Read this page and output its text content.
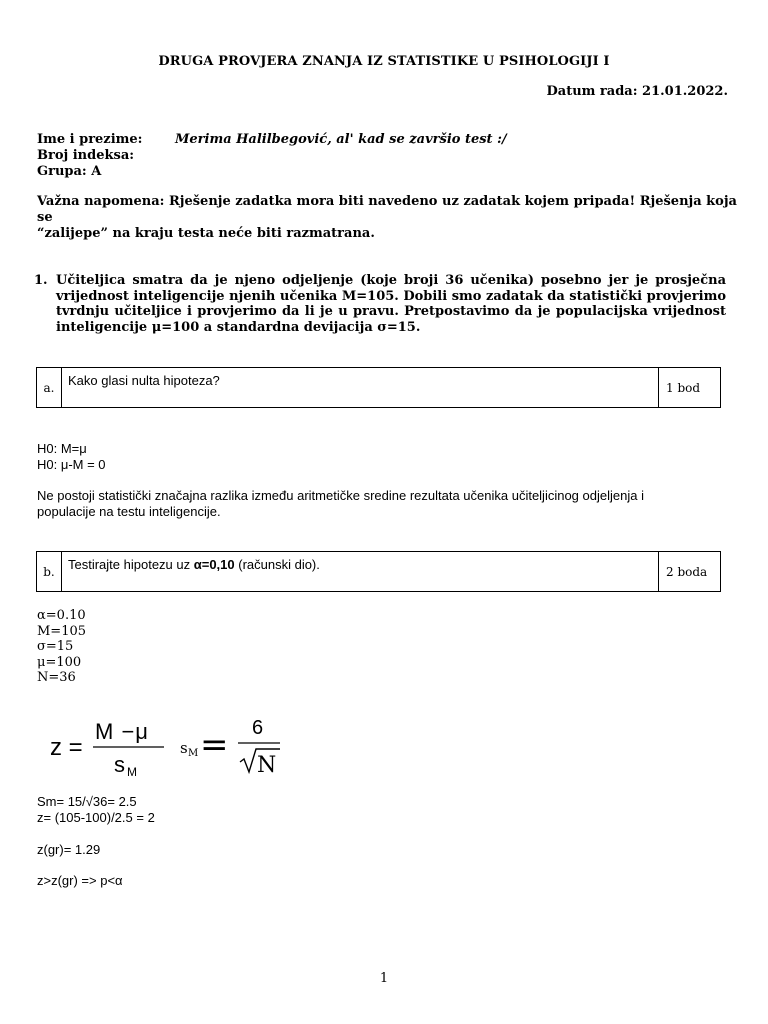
DRUGA PROVJERA ZNANJA IZ STATISTIKE U PSIHOLOGIJI I
Datum rada: 21.01.2022.
Ime i prezime:	Merima Halilbegović, al' kad se završio test :/
Broj indeksa:
Grupa: A
Važna napomena: Rješenje zadatka mora biti navedeno uz zadatak kojem pripada! Rješenja koja se
“zalijepe” na kraju testa neće biti razmatrana.
1. Učiteljica smatra da je njeno odjeljenje (koje broji 36 učenika) posebno jer je prosječna vrijednost inteligencije njenih učenika M=105. Dobili smo zadatak da statistički provjerimo tvrdnju učiteljice i provjerimo da li je u pravu. Pretpostavimo da je populacijska vrijednost inteligencije μ=100 a standardna devijacija σ=15.
a.	Kako glasi nulta hipoteza?	1 bod
H0: M=μ
H0: μ-M = 0
Ne postoji statistički značajna razlika između aritmetičke sredine rezultata učenika učiteljicinog odjeljenja i
populacije na testu inteligencije.
b.	Testirajte hipotezu uz α=0,10 (računski dio).	2 boda
α=0.10
M=105
σ=15
μ=100
N=36
z =
M −μ
s M
s M = 6
N
Sm= 15/√36= 2.5
z= (105-100)/2.5 = 2
z(gr)= 1.29
z>z(gr) => p<α
1
